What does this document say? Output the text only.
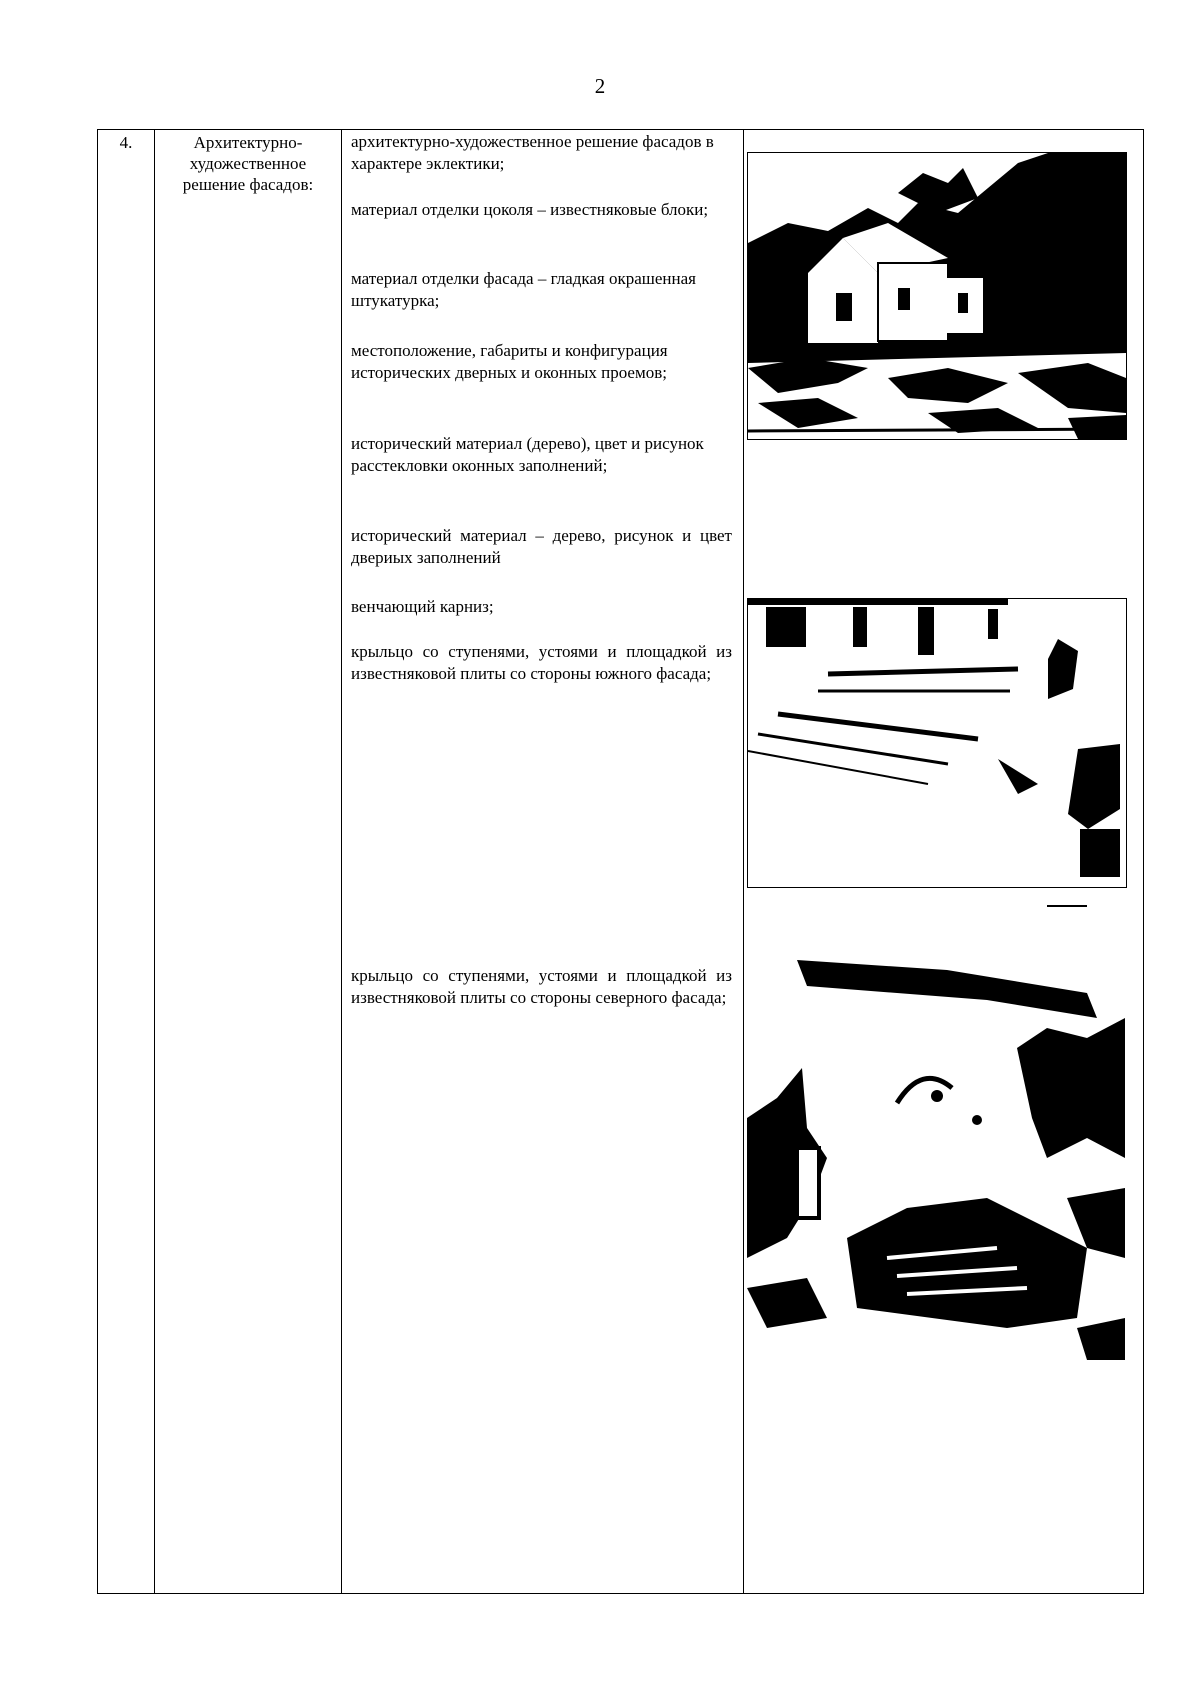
2
4.	Архитектурно-
художественное
решение фасадов:
архитектурно-художественное решение фасадов в характере эклектики;
материал отделки цоколя – известняковые блоки;
материал отделки фасада – гладкая окрашенная штукатурка;
местоположение, габариты и конфигурация исторических дверных и оконных проемов;
исторический материал (дерево), цвет и рисунок расстекловки оконных заполнений;
исторический материал – дерево, рисунок и цвет двериых заполнений
венчающий карниз;
крыльцо со ступенями, устоями и площадкой из известняковой плиты со стороны южного фасада;
крыльцо со ступенями, устоями и площадкой из известняковой плиты со стороны северного фасада;
